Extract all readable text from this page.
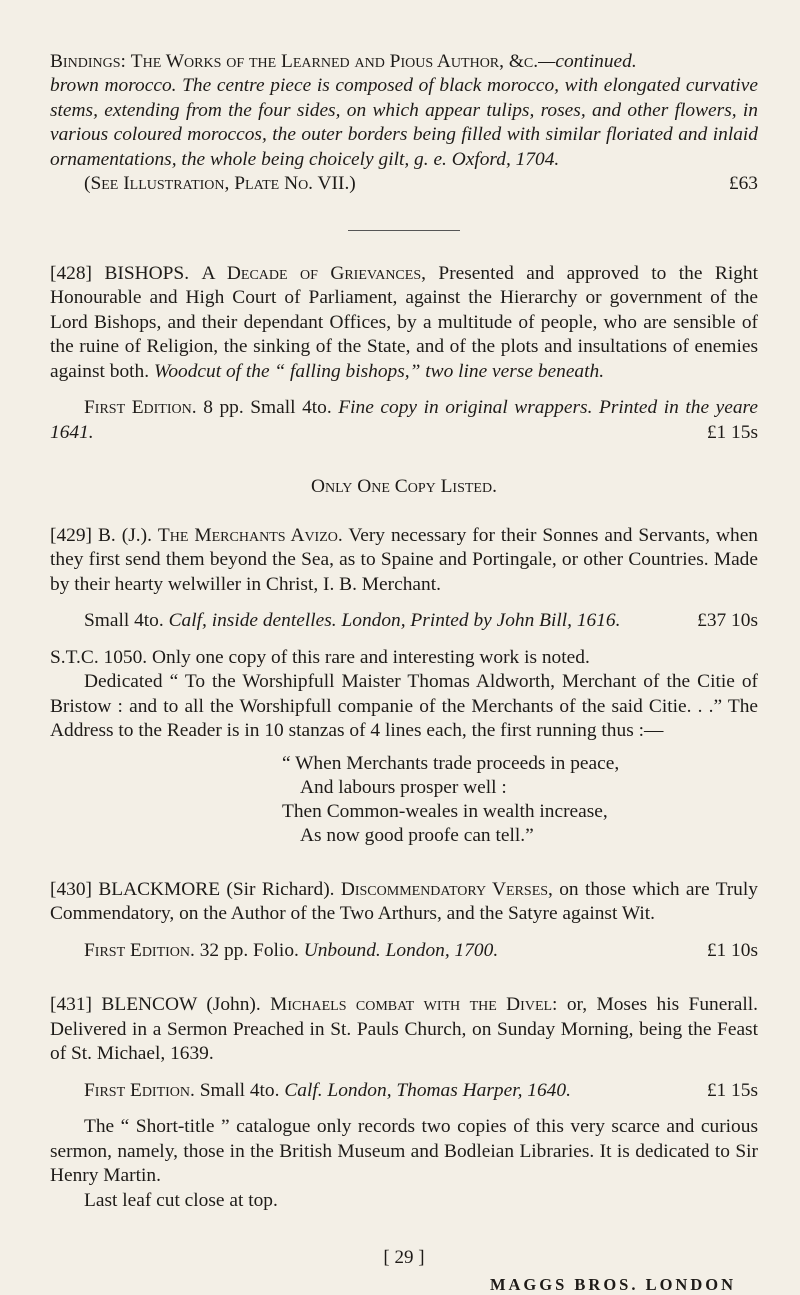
Bindings: The Works of the Learned and Pious Author, &c.—continued.

brown morocco. The centre piece is composed of black morocco, with elongated curvative stems, extending from the four sides, on which appear tulips, roses, and other flowers, in various coloured moroccos, the outer borders being filled with similar floriated and inlaid ornamentations, the whole being choicely gilt, g. e. Oxford, 1704.

(See Illustration, Plate No. VII.)	£63

[428] BISHOPS. A Decade of Grievances, Presented and approved to the Right Honourable and High Court of Parliament, against the Hierarchy or government of the Lord Bishops, and their dependant Offices, by a multitude of people, who are sensible of the ruine of Religion, the sinking of the State, and of the plots and insultations of enemies against both. Woodcut of the “ falling bishops,” two line verse beneath.

First Edition. 8 pp. Small 4to. Fine copy in original wrappers. Printed in the yeare 1641.	£1 15s

Only One Copy Listed.

[429] B. (J.). The Merchants Avizo. Very necessary for their Sonnes and Servants, when they first send them beyond the Sea, as to Spaine and Portingale, or other Countries. Made by their hearty welwiller in Christ, I. B. Merchant.

Small 4to. Calf, inside dentelles. London, Printed by John Bill, 1616.	£37 10s

S.T.C. 1050. Only one copy of this rare and interesting work is noted.

Dedicated “ To the Worshipfull Maister Thomas Aldworth, Merchant of the Citie of Bristow : and to all the Worshipfull companie of the Merchants of the said Citie. . .” The Address to the Reader is in 10 stanzas of 4 lines each, the first running thus :—

“ When Merchants trade proceeds in peace,
And labours prosper well :
Then Common-weales in wealth increase,
As now good proofe can tell.”

[430] BLACKMORE (Sir Richard). Discommendatory Verses, on those which are Truly Commendatory, on the Author of the Two Arthurs, and the Satyre against Wit.

First Edition. 32 pp. Folio. Unbound. London, 1700.	£1 10s

[431] BLENCOW (John). Michaels combat with the Divel: or, Moses his Funerall. Delivered in a Sermon Preached in St. Pauls Church, on Sunday Morning, being the Feast of St. Michael, 1639.

First Edition. Small 4to. Calf. London, Thomas Harper, 1640.	£1 15s

The “ Short-title ” catalogue only records two copies of this very scarce and curious sermon, namely, those in the British Museum and Bodleian Libraries. It is dedicated to Sir Henry Martin.

Last leaf cut close at top.

[ 29 ]
MAGGS BROS. LONDON
